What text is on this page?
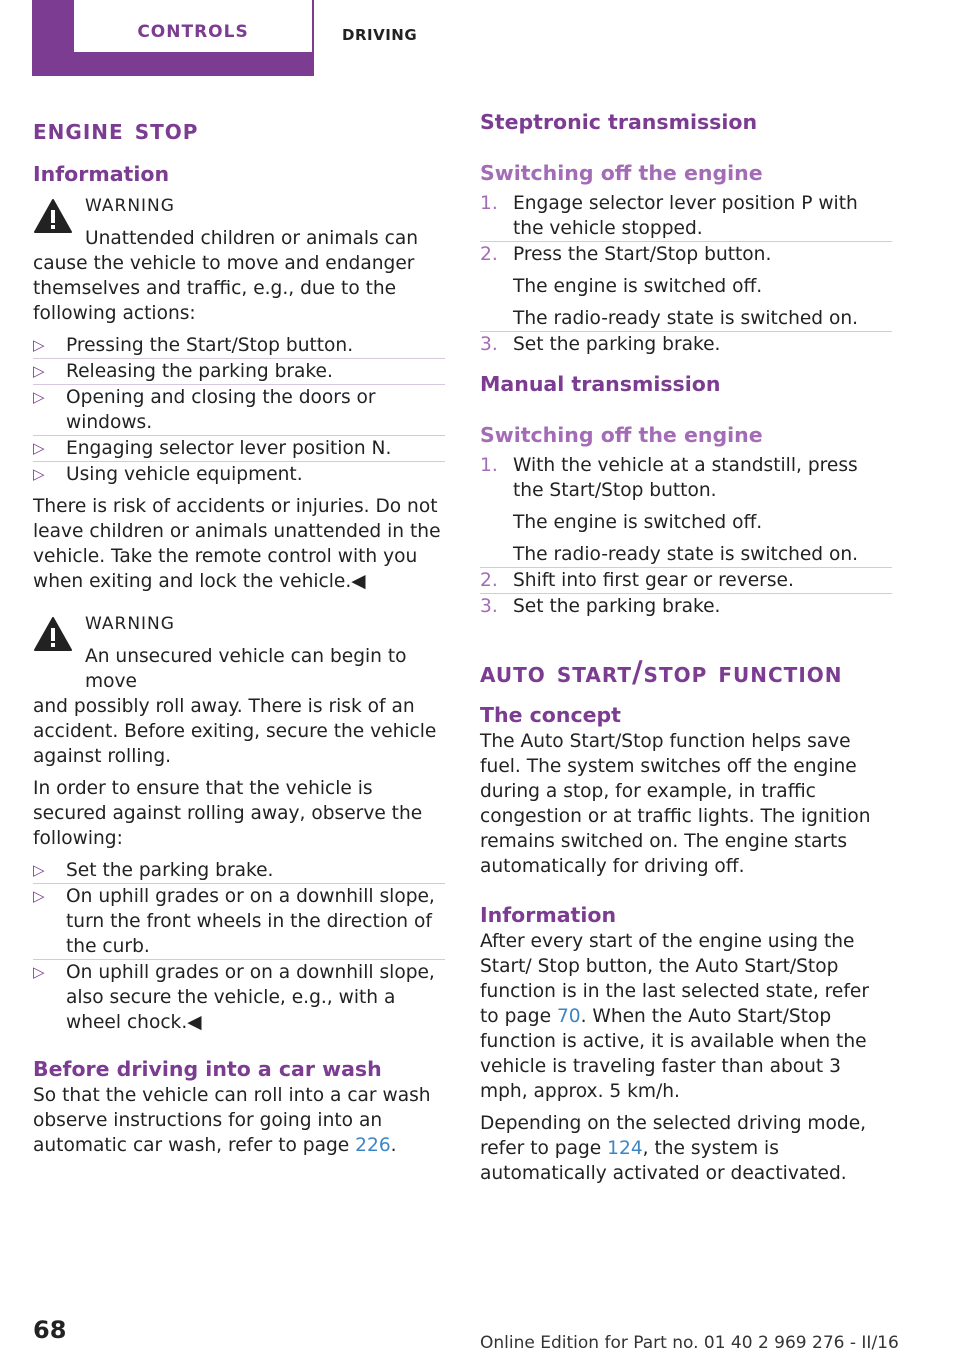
CONTROLS	DRIVING
engine stop
Information
WARNING

Unattended children or animals can

cause the vehicle to move and endanger themselves and traffic, e.g., due to the following actions:

▷ Pressing the Start/Stop button.
▷ Releasing the parking brake.
▷ Opening and closing the doors or windows.
▷ Engaging selector lever position N.
▷ Using vehicle equipment.

There is risk of accidents or injuries. Do not leave children or animals unattended in the vehicle. Take the remote control with you when exiting and lock the vehicle.◀

WARNING

An unsecured vehicle can begin to move

and possibly roll away. There is risk of an accident. Before exiting, secure the vehicle against rolling.

In order to ensure that the vehicle is secured against rolling away, observe the following:

▷ Set the parking brake.
▷ On uphill grades or on a downhill slope, turn the front wheels in the direction of the curb.
▷ On uphill grades or on a downhill slope, also secure the vehicle, e.g., with a wheel chock.◀
Before driving into a car wash

So that the vehicle can roll into a car wash observe instructions for going into an automatic car wash, refer to page 226.

Steptronic transmission
Switching off the engine
1. Engage selector lever position P with the vehicle stopped.
2. Press the Start/Stop button.
The engine is switched off.
The radio-ready state is switched on.
3. Set the parking brake.
Manual transmission
Switching off the engine
1. With the vehicle at a standstill, press the Start/Stop button.
The engine is switched off.
The radio-ready state is switched on.
2. Shift into first gear or reverse.
3. Set the parking brake.
auto start/stop function
The concept

The Auto Start/Stop function helps save fuel. The system switches off the engine during a stop, for example, in traffic congestion or at traffic lights. The ignition remains switched on. The engine starts automatically for driving off.

Information

After every start of the engine using the Start/ Stop button, the Auto Start/Stop function is in the last selected state, refer to page 70. When the Auto Start/Stop function is active, it is available when the vehicle is traveling faster than about 3 mph, approx. 5 km/h.

Depending on the selected driving mode, refer to page 124, the system is automatically activated or deactivated.

68	Online Edition for Part no. 01 40 2 969 276 - II/16
